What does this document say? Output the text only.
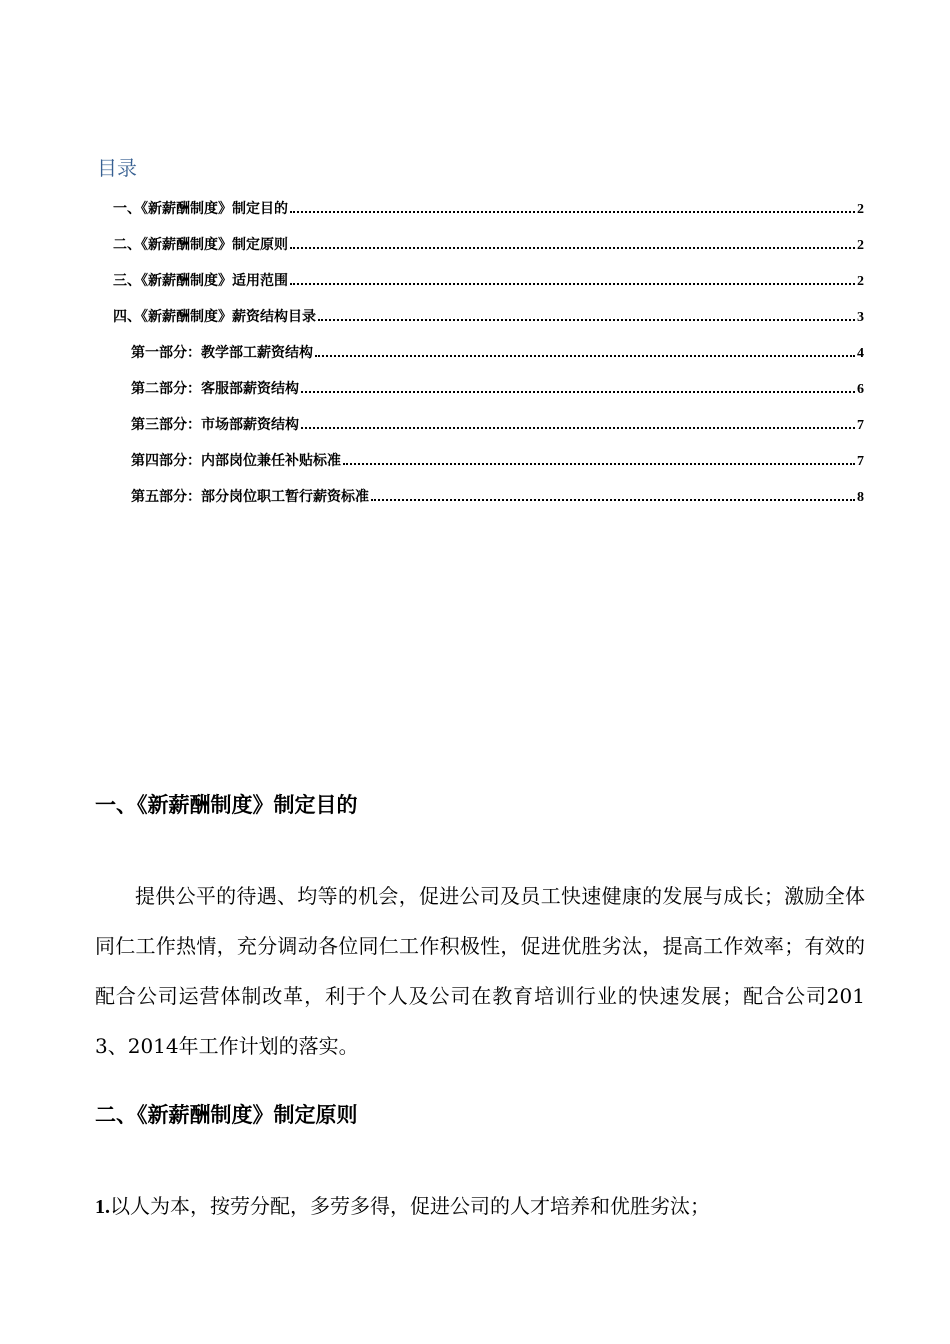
目录
一、《新薪酬制度》制定目的	2
二、《新薪酬制度》制定原则	2
三、《新薪酬制度》适用范围	2
四、《新薪酬制度》薪资结构目录	3
第一部分：教学部工薪资结构	4
第二部分：客服部薪资结构	6
第三部分：市场部薪资结构	7
第四部分：内部岗位兼任补贴标准	7
第五部分：部分岗位职工暂行薪资标准	8
一、《新薪酬制度》制定目的
提供公平的待遇、均等的机会，促进公司及员工快速健康的发展与成长；激励全体同仁工作热情，充分调动各位同仁工作积极性，促进优胜劣汰，提高工作效率；有效的配合公司运营体制改革，利于个人及公司在教育培训行业的快速发展；配合公司2013、2014年工作计划的落实。
二、《新薪酬制度》制定原则
1.以人为本，按劳分配，多劳多得，促进公司的人才培养和优胜劣汰；
